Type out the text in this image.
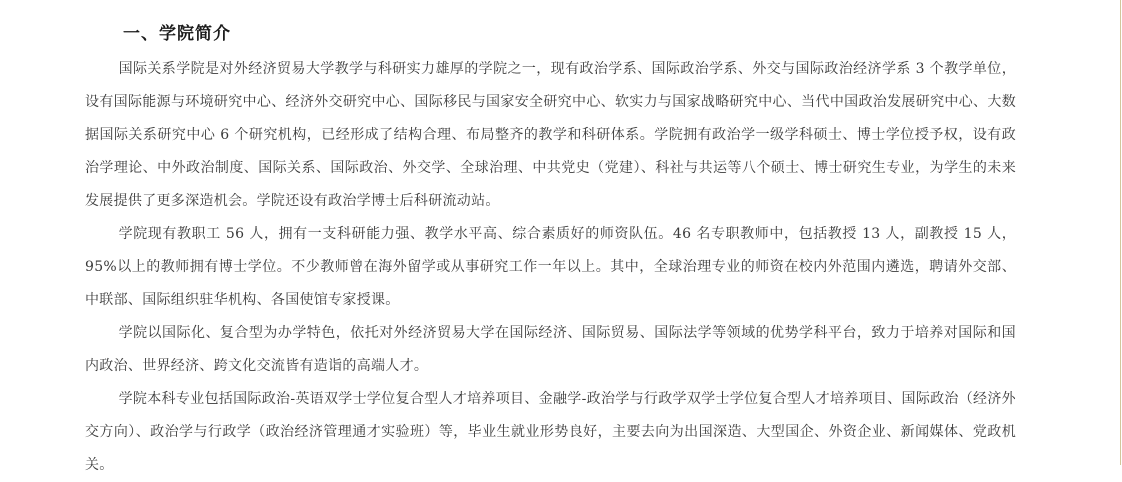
一、学院简介

国际关系学院是对外经济贸易大学教学与科研实力雄厚的学院之一，现有政治学系、国际政治学系、外交与国际政治经济学系 3 个教学单位，设有国际能源与环境研究中心、经济外交研究中心、国际移民与国家安全研究中心、软实力与国家战略研究中心、当代中国政治发展研究中心、大数据国际关系研究中心 6 个研究机构，已经形成了结构合理、布局整齐的教学和科研体系。学院拥有政治学一级学科硕士、博士学位授予权，设有政治学理论、中外政治制度、国际关系、国际政治、外交学、全球治理、中共党史（党建）、科社与共运等八个硕士、博士研究生专业，为学生的未来发展提供了更多深造机会。学院还设有政治学博士后科研流动站。

学院现有教职工 56 人，拥有一支科研能力强、教学水平高、综合素质好的师资队伍。46 名专职教师中，包括教授 13 人，副教授 15 人，95%以上的教师拥有博士学位。不少教师曾在海外留学或从事研究工作一年以上。其中，全球治理专业的师资在校内外范围内遴选，聘请外交部、中联部、国际组织驻华机构、各国使馆专家授课。

学院以国际化、复合型为办学特色，依托对外经济贸易大学在国际经济、国际贸易、国际法学等领域的优势学科平台，致力于培养对国际和国内政治、世界经济、跨文化交流皆有造诣的高端人才。

学院本科专业包括国际政治-英语双学士学位复合型人才培养项目、金融学-政治学与行政学双学士学位复合型人才培养项目、国际政治（经济外交方向）、政治学与行政学（政治经济管理通才实验班）等，毕业生就业形势良好，主要去向为出国深造、大型国企、外资企业、新闻媒体、党政机关。
